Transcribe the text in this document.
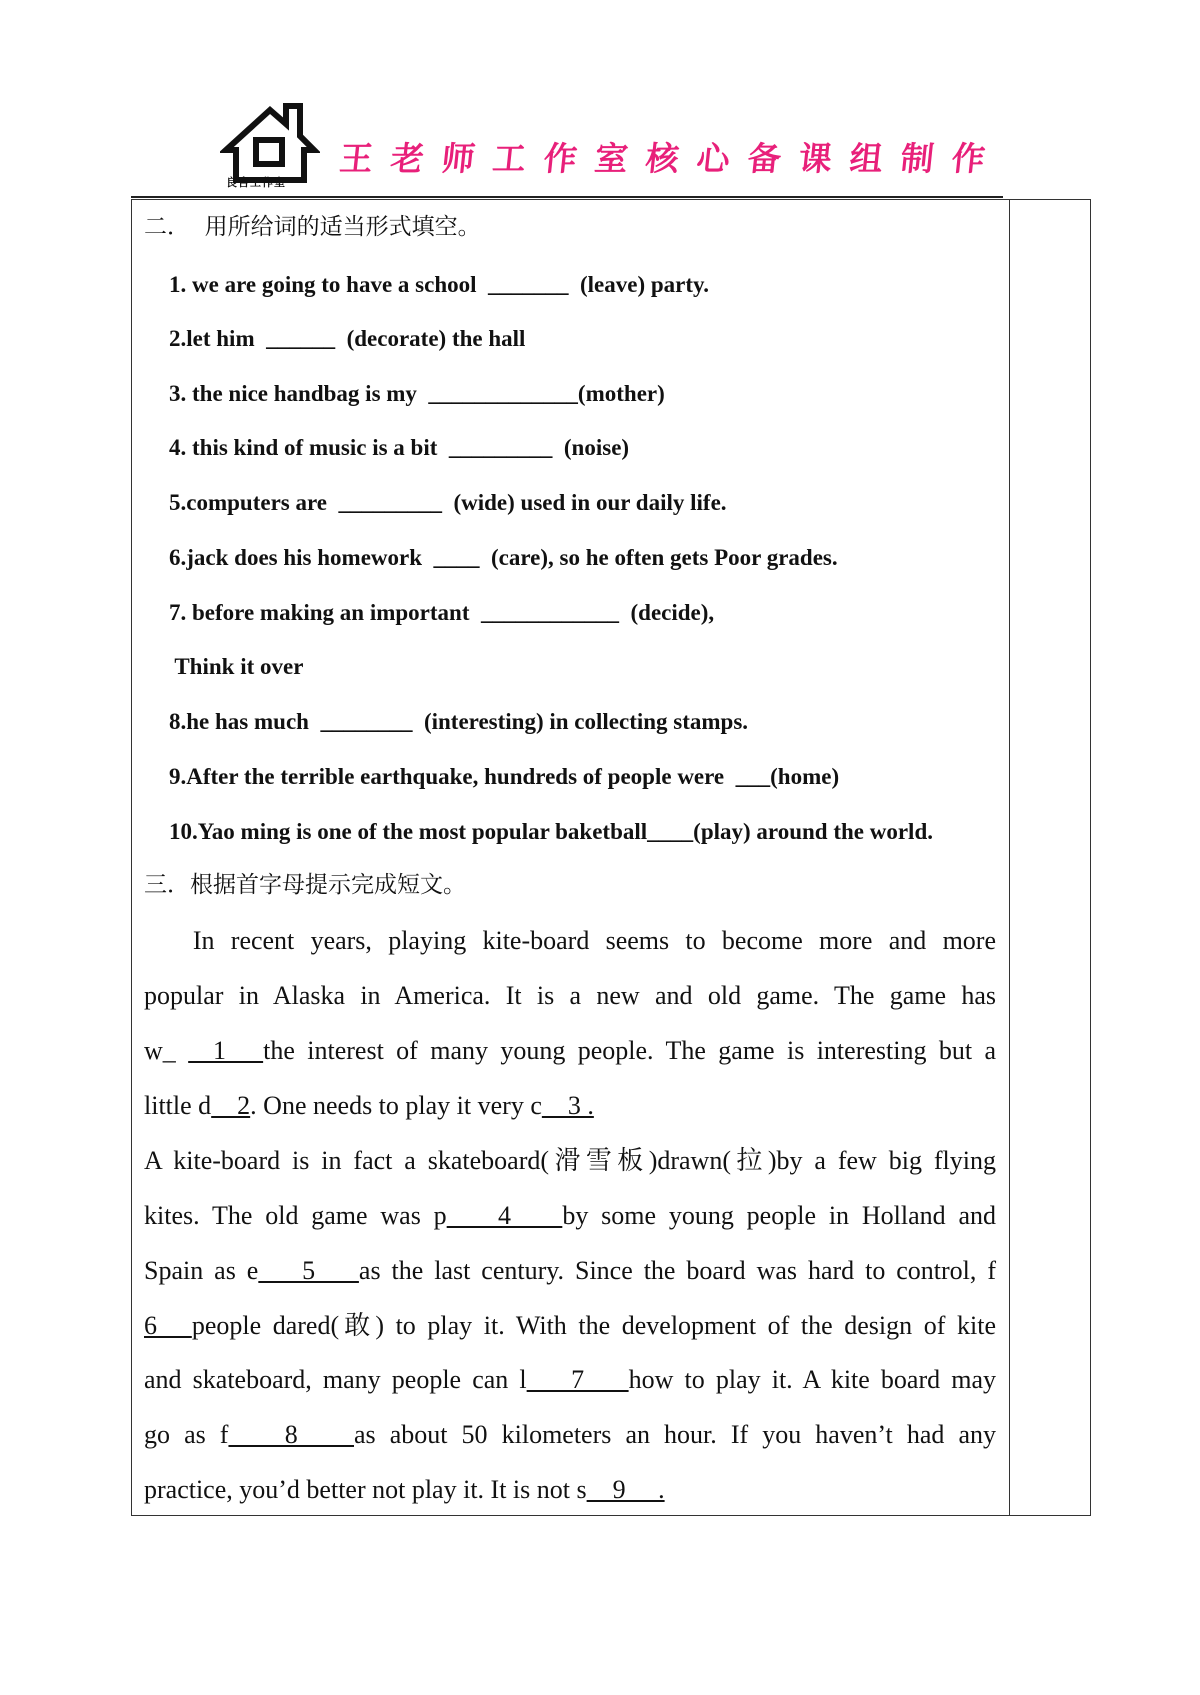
良吉工作室
王老师工作室核心备课组制作
二．  用所给词的适当形式填空。
1. we are going to have a school  _______  (leave) party.
2.let him  ______  (decorate) the hall
3. the nice handbag is my  _____________(mother)
4. this kind of music is a bit  _________  (noise)
5.computers are  _________  (wide) used in our daily life.
6.jack does his homework  ____  (care), so he often gets Poor grades.
7. before making an important  ____________  (decide),
Think it over
8.he has much  ________  (interesting) in collecting stamps.
9.After the terrible earthquake, hundreds of people were  ___(home)
10.Yao ming is one of the most popular baketball____(play) around the world.
三．根据首字母提示完成短文。
In recent years, playing kite-board seems to become more and more
popular in Alaska in America. It is a new and old game. The game has
w_   1   the interest of many young people. The game is interesting but a
little d    2. One needs to play it very c    3 .
A kite-board is in fact a skateboard(滑雪板)drawn(拉)by a few big flying
kites. The old game was p    4    by some young people in Holland and
Spain as e    5    as the last century. Since the board was hard to control, f
6   people dared(敢) to play it. With the development of the design of kite
and skateboard, many people can l    7    how to play it. A kite board may
go as f    8    as about 50 kilometers an hour. If you haven’t had any
practice, you’d better not play it. It is not s    9     .
